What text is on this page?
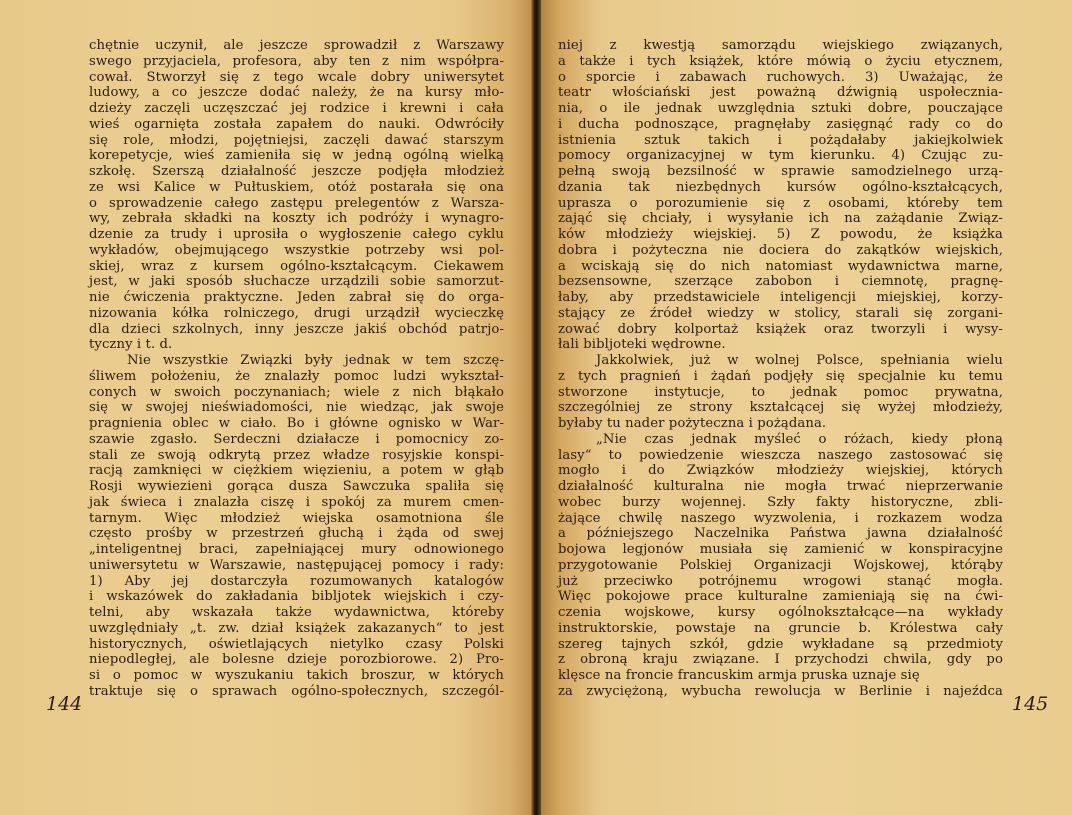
chętnie uczynił, ale jeszcze sprowadził z Warszawy
swego przyjaciela, profesora, aby ten z nim współpra-
cował. Stworzył się z tego wcale dobry uniwersytet
ludowy, a co jeszcze dodać należy, że na kursy mło-
dzieży zaczęli uczęszczać jej rodzice i krewni i cała
wieś ogarnięta została zapałem do nauki. Odwróciły
się role, młodzi, pojętniejsi, zaczęli dawać starszym
korepetycje, wieś zamieniła się w jedną ogólną wielką
szkołę. Szerszą działalność jeszcze podjęła młodzież
ze wsi Kalice w Pułtuskiem, otóż postarała się ona
o sprowadzenie całego zastępu prelegentów z Warsza-
wy, zebrała składki na koszty ich podróży i wynagro-
dzenie za trudy i uprosiła o wygłoszenie całego cyklu
wykładów, obejmującego wszystkie potrzeby wsi pol-
skiej, wraz z kursem ogólno-kształcącym. Ciekawem
jest, w jaki sposób słuchacze urządzili sobie samorzut-
nie ćwiczenia praktyczne. Jeden zabrał się do orga-
nizowania kółka rolniczego, drugi urządził wycieczkę
dla dzieci szkolnych, inny jeszcze jakiś obchód patrjo-
tyczny i t. d.
Nie wszystkie Związki były jednak w tem szczę-
śliwem położeniu, że znalazły pomoc ludzi wykształ-
conych w swoich poczynaniach; wiele z nich błąkało
się w swojej nieświadomości, nie wiedząc, jak swoje
pragnienia oblec w ciało. Bo i główne ognisko w War-
szawie zgasło. Serdeczni działacze i pomocnicy zo-
stali ze swoją odkrytą przez władze rosyjskie konspi-
racją zamknięci w ciężkiem więzieniu, a potem w głąb
Rosji wywiezieni gorąca dusza Sawczuka spaliła się
jak świeca i znalazła ciszę i spokój za murem cmen-
tarnym. Więc młodzież wiejska osamotniona śle
często prośby w przestrzeń głuchą i żąda od swej
„inteligentnej braci, zapełniającej mury odnowionego
uniwersytetu w Warszawie, następującej pomocy i rady:
1) Aby jej dostarczyła rozumowanych katalogów
i wskazówek do zakładania bibljotek wiejskich i czy-
telni, aby wskazała także wydawnictwa, któreby
uwzględniały „t. zw. dział książek zakazanych“ to jest
historycznych, oświetlających nietylko czasy Polski
niepodległej, ale bolesne dzieje porozbiorowe. 2) Pro-
si o pomoc w wyszukaniu takich broszur, w których
traktuje się o sprawach ogólno-społecznych, szczegól-
144
niej z kwestją samorządu wiejskiego związanych,
a także i tych książek, które mówią o życiu etycznem,
o sporcie i zabawach ruchowych. 3) Uważając, że
teatr włościański jest poważną dźwignią uspołecznia-
nia, o ile jednak uwzględnia sztuki dobre, pouczające
i ducha podnoszące, pragnęłaby zasięgnąć rady co do
istnienia sztuk takich i pożądałaby jakiejkolwiek
pomocy organizacyjnej w tym kierunku. 4) Czując zu-
pełną swoją bezsilność w sprawie samodzielnego urzą-
dzania tak niezbędnych kursów ogólno-kształcących,
uprasza o porozumienie się z osobami, któreby tem
zająć się chciały, i wysyłanie ich na zażądanie Związ-
ków młodzieży wiejskiej. 5) Z powodu, że książka
dobra i pożyteczna nie dociera do zakątków wiejskich,
a wciskają się do nich natomiast wydawnictwa marne,
bezsensowne, szerzące zabobon i ciemnotę, pragnę-
łaby, aby przedstawiciele inteligencji miejskiej, korzy-
stający ze źródeł wiedzy w stolicy, starali się zorgani-
zować dobry kolportaż książek oraz tworzyli i wysy-
łali bibljoteki wędrowne.
Jakkolwiek, już w wolnej Polsce, spełniania wielu
z tych pragnień i żądań podjęły się specjalnie ku temu
stworzone instytucje, to jednak pomoc prywatna,
szczególniej ze strony kształcącej się wyżej młodzieży,
byłaby tu nader pożyteczna i pożądana.
„Nie czas jednak myśleć o różach, kiedy płoną
lasy“ to powiedzenie wieszcza naszego zastosować się
mogło i do Związków młodzieży wiejskiej, których
działalność kulturalna nie mogła trwać nieprzerwanie
wobec burzy wojennej. Szły fakty historyczne, zbli-
żające chwilę naszego wyzwolenia, i rozkazem wodza
a późniejszego Naczelnika Państwa jawna działalność
bojowa legjonów musiała się zamienić w konspiracyjne
przygotowanie Polskiej Organizacji Wojskowej, którąby
już przeciwko potrójnemu wrogowi stanąć mogła.
Więc pokojowe prace kulturalne zamieniają się na ćwi-
czenia wojskowe, kursy ogólnokształcące—na wykłady
instruktorskie, powstaje na gruncie b. Królestwa cały
szereg tajnych szkół, gdzie wykładane są przedmioty
z obroną kraju związane. I przychodzi chwila, gdy po
klęsce na froncie francuskim armja pruska uznaje się
za zwyciężoną, wybucha rewolucja w Berlinie i najeźdca
145
